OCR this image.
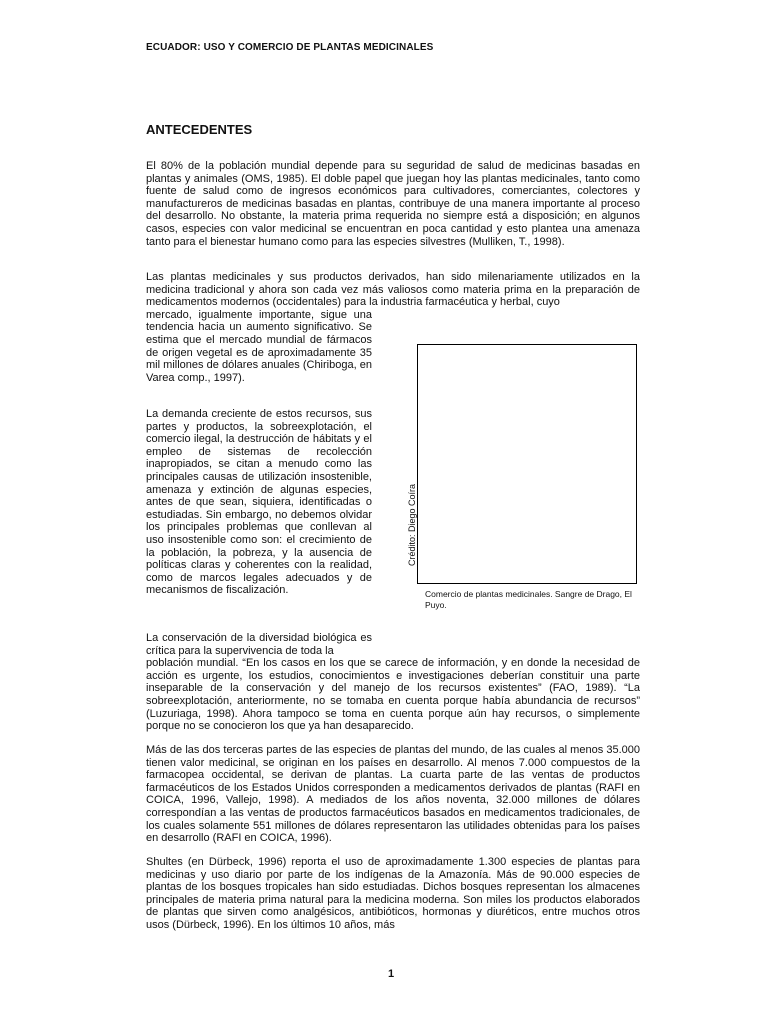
ECUADOR: USO Y COMERCIO DE PLANTAS MEDICINALES
ANTECEDENTES

El 80% de la población mundial depende para su seguridad de salud de medicinas basadas en plantas y animales (OMS, 1985). El doble papel que juegan hoy las plantas medicinales, tanto como fuente de salud como de ingresos económicos para cultivadores, comerciantes, colectores y manufactureros de medicinas basadas en plantas, contribuye de una manera importante al proceso del desarrollo. No obstante, la materia prima requerida no siempre está a disposición; en algunos casos, especies con valor medicinal se encuentran en poca cantidad y esto plantea una amenaza tanto para el bienestar humano como para las especies silvestres (Mulliken, T., 1998).

Las plantas medicinales y sus productos derivados, han sido milenariamente utilizados en la medicina tradicional y ahora son cada vez más valiosos como materia prima en la preparación de medicamentos modernos (occidentales) para la industria farmacéutica y herbal, cuyo
mercado, igualmente importante, sigue una tendencia hacia un aumento significativo. Se estima que el mercado mundial de fármacos de origen vegetal es de aproximadamente 35 mil millones de dólares anuales (Chiriboga, en Varea comp., 1997).

La demanda creciente de estos recursos, sus partes y productos, la sobreexplotación, el comercio ilegal, la destrucción de hábitats y el empleo de sistemas de recolección inapropiados, se citan a menudo como las principales causas de utilización insostenible, amenaza y extinción de algunas especies, antes de que sean, siquiera, identificadas o estudiadas. Sin embargo, no debemos olvidar los principales problemas que conllevan al uso insostenible como son: el crecimiento de la población, la pobreza, y la ausencia de políticas claras y coherentes con la realidad, como de marcos legales adecuados y de mecanismos de fiscalización.

Crédito: Diego Coíra
Comercio de plantas medicinales. Sangre de Drago, El Puyo.

La conservación de la diversidad biológica es crítica para la supervivencia de toda la
población mundial. “En los casos en los que se carece de información, y en donde la necesidad de acción es urgente, los estudios, conocimientos e investigaciones deberían constituir una parte inseparable de la conservación y del manejo de los recursos existentes” (FAO, 1989). “La sobreexplotación, anteriormente, no se tomaba en cuenta porque había abundancia de recursos” (Luzuriaga, 1998). Ahora tampoco se toma en cuenta porque aún hay recursos, o simplemente porque no se conocieron los que ya han desaparecido.

Más de las dos terceras partes de las especies de plantas del mundo, de las cuales al menos 35.000 tienen valor medicinal, se originan en los países en desarrollo. Al menos 7.000 compuestos de la farmacopea occidental, se derivan de plantas. La cuarta parte de las ventas de productos farmacéuticos de los Estados Unidos corresponden a medicamentos derivados de plantas (RAFI en COICA, 1996, Vallejo, 1998). A mediados de los años noventa, 32.000 millones de dólares correspondían a las ventas de productos farmacéuticos basados en medicamentos tradicionales, de los cuales solamente 551 millones de dólares representaron las utilidades obtenidas para los países en desarrollo (RAFI en COICA, 1996).

Shultes (en Dürbeck, 1996) reporta el uso de aproximadamente 1.300 especies de plantas para medicinas y uso diario por parte de los indígenas de la Amazonía. Más de 90.000 especies de plantas de los bosques tropicales han sido estudiadas. Dichos bosques representan los almacenes principales de materia prima natural para la medicina moderna. Son miles los productos elaborados de plantas que sirven como analgésicos, antibióticos, hormonas y diuréticos, entre muchos otros usos (Dürbeck, 1996). En los últimos 10 años, más

1
